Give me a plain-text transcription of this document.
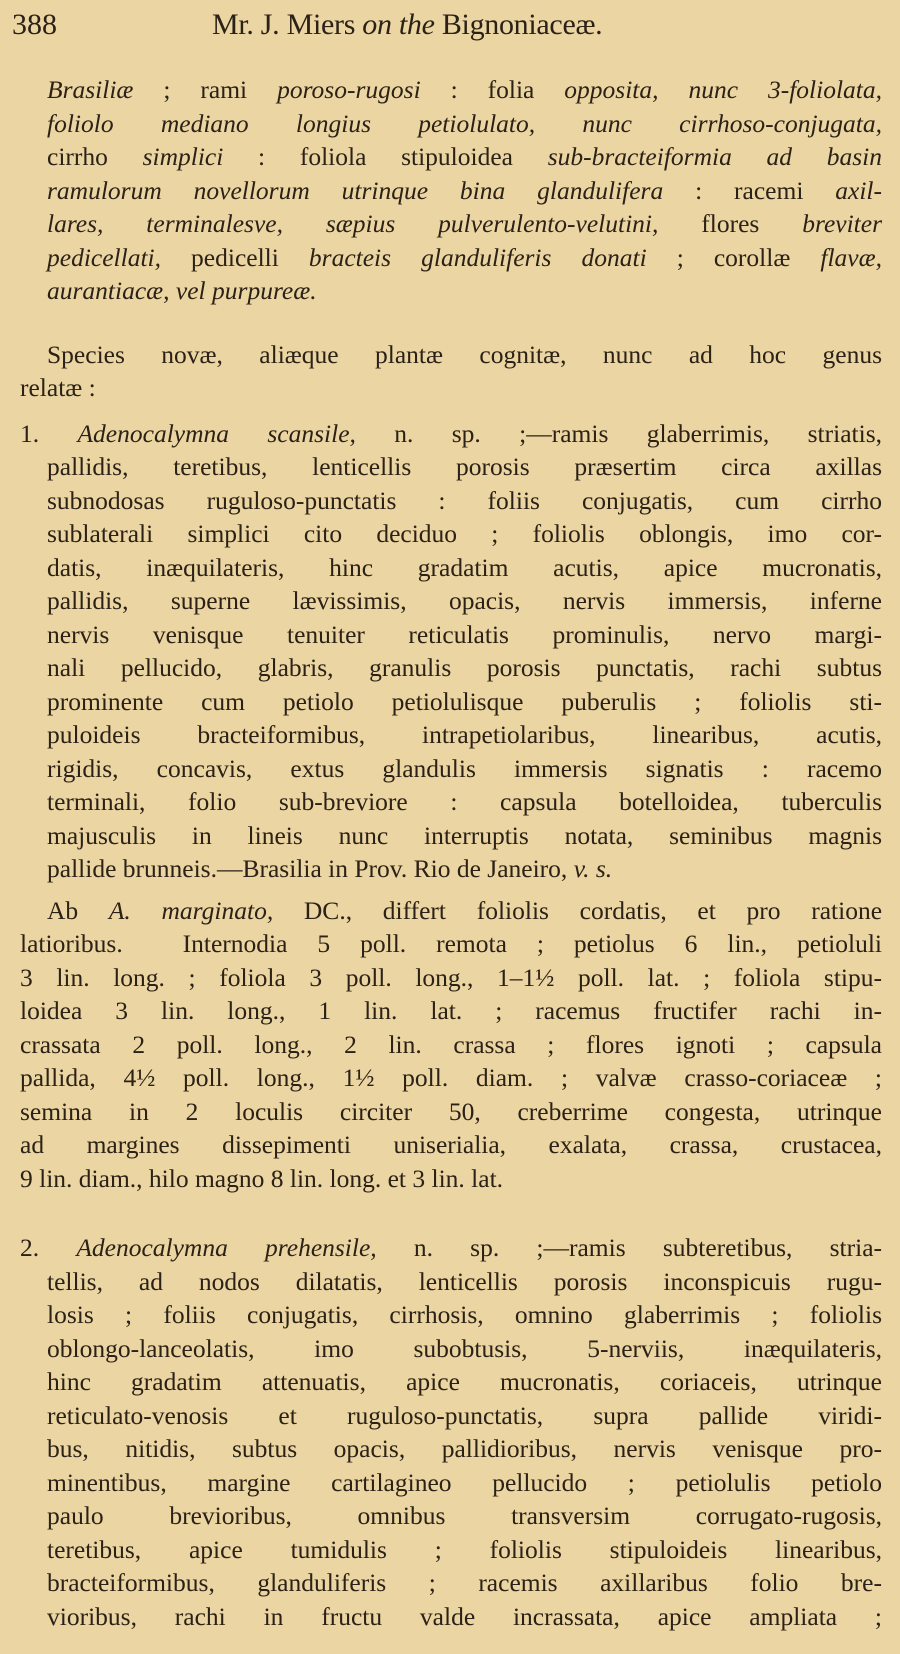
388	Mr. J. Miers on the Bignoniaceæ.
Brasiliæ ; rami poroso-rugosi : folia opposita, nunc 3-foliolata,
foliolo mediano longius petiolulato, nunc cirrhoso-conjugata,
cirrho simplici : foliola stipuloidea sub-bracteiformia ad basin
ramulorum novellorum utrinque bina glandulifera : racemi axil-
lares, terminalesve, sæpius pulverulento-velutini, flores breviter
pedicellati, pedicelli bracteis glanduliferis donati ; corollæ flavæ,
aurantiacæ, vel purpureæ.
Species novæ, aliæque plantæ cognitæ, nunc ad hoc genus
relatæ :
1. Adenocalymna scansile, n. sp. ;—ramis glaberrimis, striatis,
pallidis, teretibus, lenticellis porosis præsertim circa axillas
subnodosas ruguloso-punctatis : foliis conjugatis, cum cirrho
sublaterali simplici cito deciduo ; foliolis oblongis, imo cor-
datis, inæquilateris, hinc gradatim acutis, apice mucronatis,
pallidis, superne lævissimis, opacis, nervis immersis, inferne
nervis venisque tenuiter reticulatis prominulis, nervo margi-
nali pellucido, glabris, granulis porosis punctatis, rachi subtus
prominente cum petiolo petiolulisque puberulis ; foliolis sti-
puloideis bracteiformibus, intrapetiolaribus, linearibus, acutis,
rigidis, concavis, extus glandulis immersis signatis : racemo
terminali, folio sub-breviore : capsula botelloidea, tuberculis
majusculis in lineis nunc interruptis notata, seminibus magnis
pallide brunneis.—Brasilia in Prov. Rio de Janeiro, v. s.
Ab A. marginato, DC., differt foliolis cordatis, et pro ratione
latioribus.  Internodia 5 poll. remota ; petiolus 6 lin., petioluli
3 lin. long. ; foliola 3 poll. long., 1–1½ poll. lat. ; foliola stipu-
loidea 3 lin. long., 1 lin. lat. ; racemus fructifer rachi in-
crassata 2 poll. long., 2 lin. crassa ; flores ignoti ; capsula
pallida, 4½ poll. long., 1½ poll. diam. ; valvæ crasso-coriaceæ ;
semina in 2 loculis circiter 50, creberrime congesta, utrinque
ad margines dissepimenti uniserialia, exalata, crassa, crustacea,
9 lin. diam., hilo magno 8 lin. long. et 3 lin. lat.
2. Adenocalymna prehensile, n. sp. ;—ramis subteretibus, stria-
tellis, ad nodos dilatatis, lenticellis porosis inconspicuis rugu-
losis ; foliis conjugatis, cirrhosis, omnino glaberrimis ; foliolis
oblongo-lanceolatis, imo subobtusis, 5-nerviis, inæquilateris,
hinc gradatim attenuatis, apice mucronatis, coriaceis, utrinque
reticulato-venosis et ruguloso-punctatis, supra pallide viridi-
bus, nitidis, subtus opacis, pallidioribus, nervis venisque pro-
minentibus, margine cartilagineo pellucido ; petiolulis petiolo
paulo brevioribus, omnibus transversim corrugato-rugosis,
teretibus, apice tumidulis ; foliolis stipuloideis linearibus,
bracteiformibus, glanduliferis ; racemis axillaribus folio bre-
vioribus, rachi in fructu valde incrassata, apice ampliata ;
